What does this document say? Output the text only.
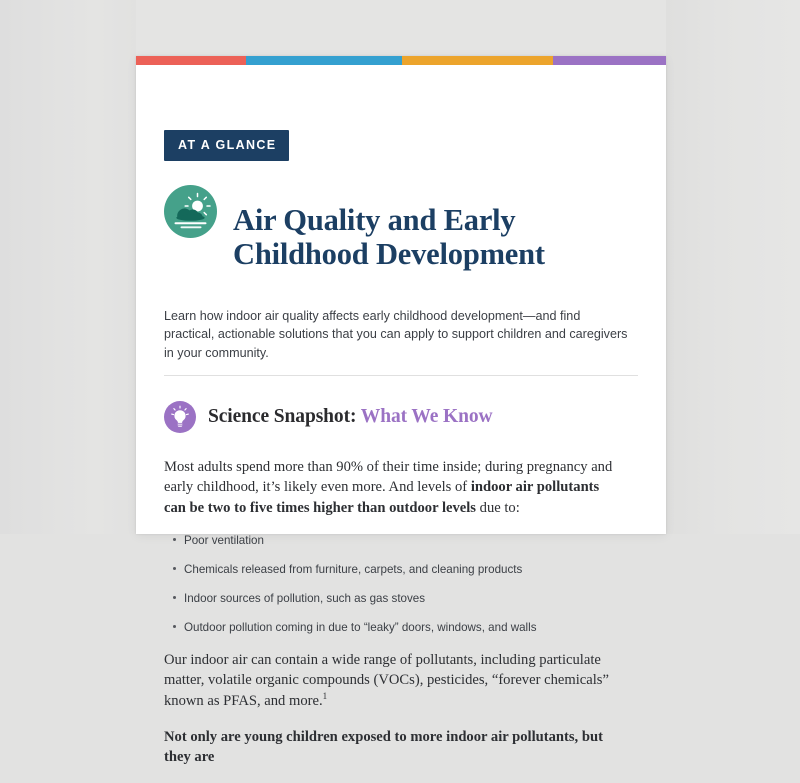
AT A GLANCE
Air Quality and Early
Childhood Development

Learn how indoor air quality affects early childhood development—and find practical, actionable solutions that you can apply to support children and caregivers in your community.

Science Snapshot: What We Know

Most adults spend more than 90% of their time inside; during pregnancy and early childhood, it’s likely even more. And levels of indoor air pollutants can be two to five times higher than outdoor levels due to:

Poor ventilation
Chemicals released from furniture, carpets, and cleaning products
Indoor sources of pollution, such as gas stoves
Outdoor pollution coming in due to “leaky” doors, windows, and walls

Our indoor air can contain a wide range of pollutants, including particulate matter, volatile organic compounds (VOCs), pesticides, “forever chemicals” known as PFAS, and more.$^1$

Not only are young children exposed to more indoor air pollutants, but they are
